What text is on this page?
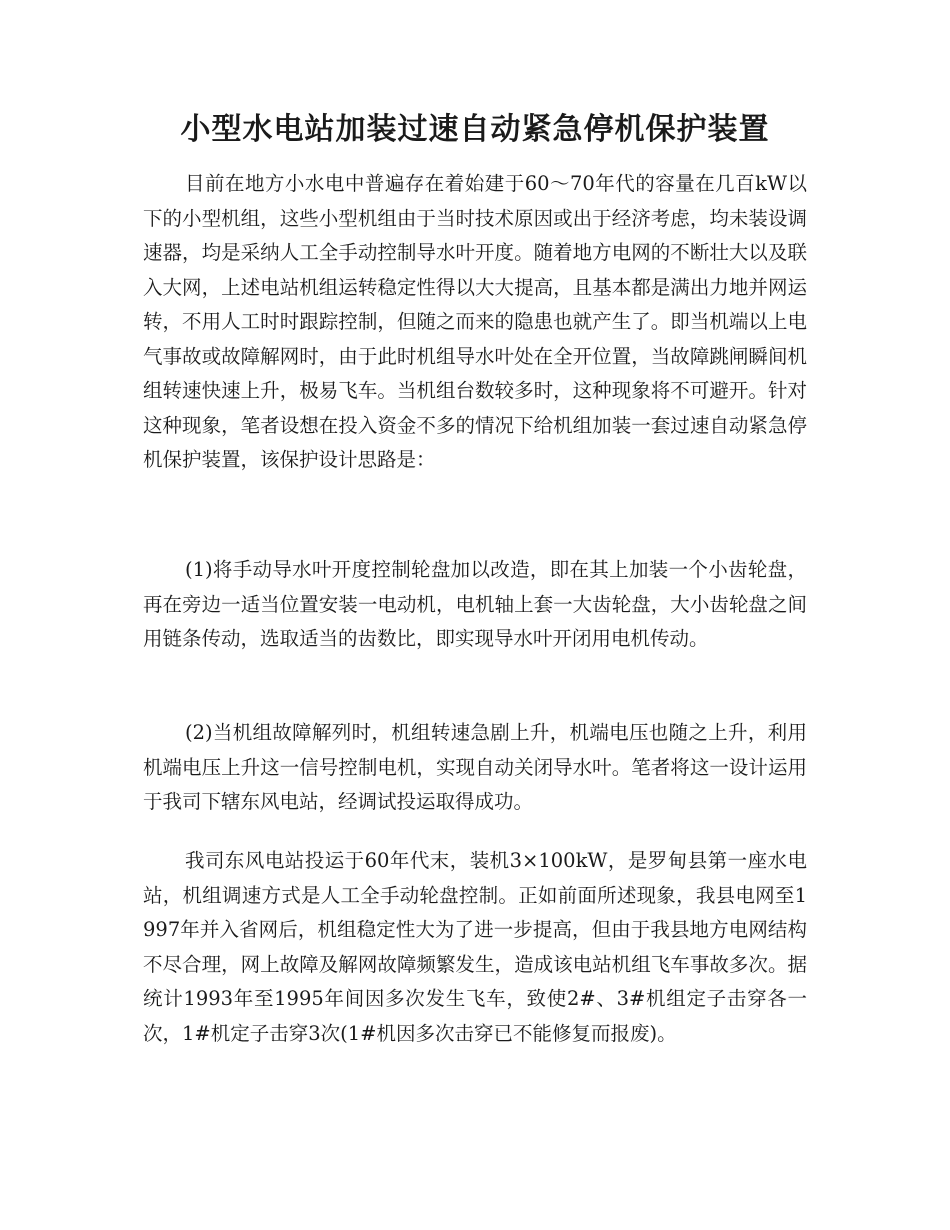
小型水电站加装过速自动紧急停机保护装置

目前在地方小水电中普遍存在着始建于60～70年代的容量在几百kW以下的小型机组，这些小型机组由于当时技术原因或出于经济考虑，均未装设调速器，均是采纳人工全手动控制导水叶开度。随着地方电网的不断壮大以及联入大网，上述电站机组运转稳定性得以大大提高，且基本都是满出力地并网运转，不用人工时时跟踪控制，但随之而来的隐患也就产生了。即当机端以上电气事故或故障解网时，由于此时机组导水叶处在全开位置，当故障跳闸瞬间机组转速快速上升，极易飞车。当机组台数较多时，这种现象将不可避开。针对这种现象，笔者设想在投入资金不多的情况下给机组加装一套过速自动紧急停机保护装置，该保护设计思路是：

(1)将手动导水叶开度控制轮盘加以改造，即在其上加装一个小齿轮盘，再在旁边一适当位置安装一电动机，电机轴上套一大齿轮盘，大小齿轮盘之间用链条传动，选取适当的齿数比，即实现导水叶开闭用电机传动。

(2)当机组故障解列时，机组转速急剧上升，机端电压也随之上升，利用机端电压上升这一信号控制电机，实现自动关闭导水叶。笔者将这一设计运用于我司下辖东风电站，经调试投运取得成功。

我司东风电站投运于60年代末，装机3×100kW，是罗甸县第一座水电站，机组调速方式是人工全手动轮盘控制。正如前面所述现象，我县电网至1997年并入省网后，机组稳定性大为了进一步提高，但由于我县地方电网结构不尽合理，网上故障及解网故障频繁发生，造成该电站机组飞车事故多次。据统计1993年至1995年间因多次发生飞车，致使2#、3#机组定子击穿各一次，1#机定子击穿3次(1#机因多次击穿已不能修复而报废)。
